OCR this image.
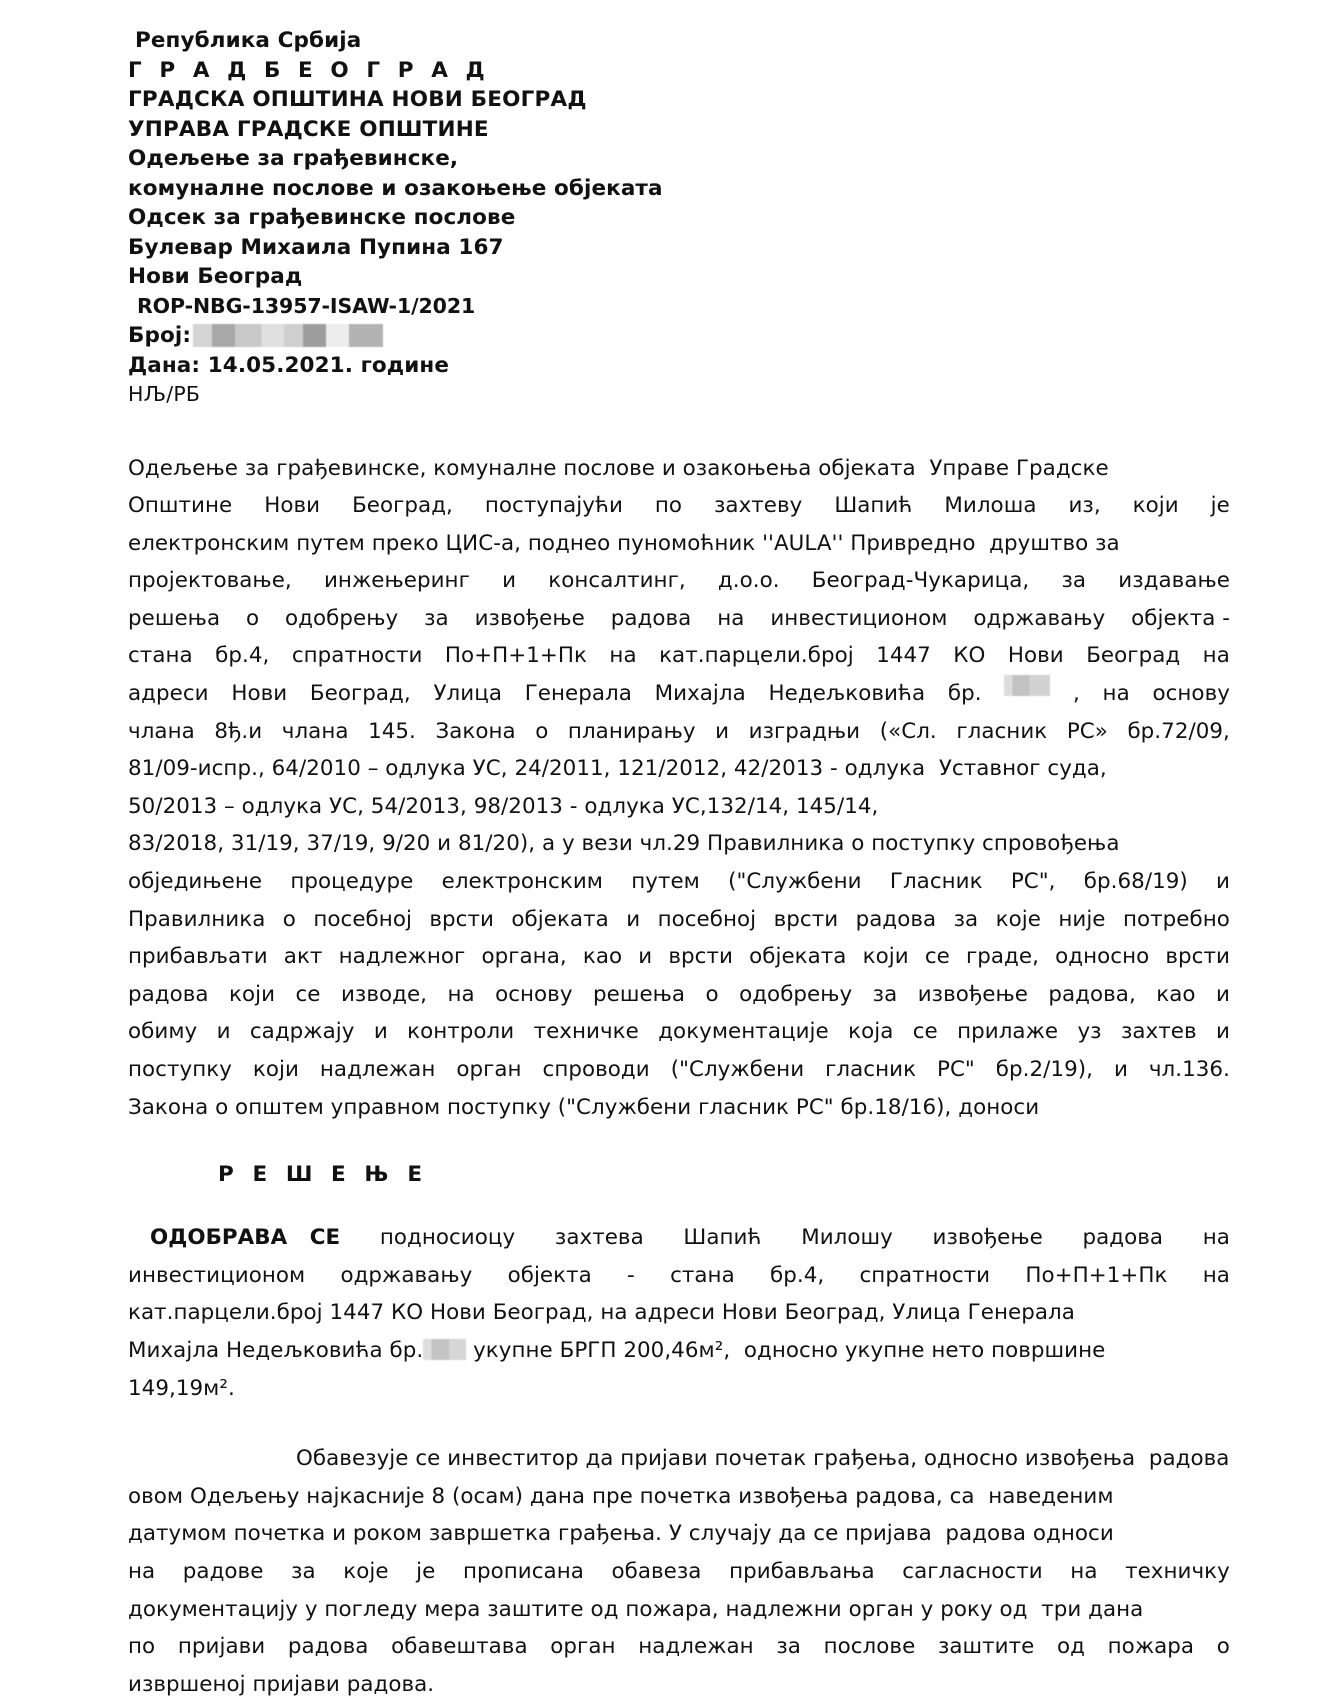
Република Србија
Г Р А Д Б Е О Г Р А Д
ГРАДСКА ОПШТИНА НОВИ БЕОГРАД
УПРАВА ГРАДСКЕ ОПШТИНЕ
Одељење за грађевинске,
комуналне послове и озакоњење објеката
Одсек за грађевинске послове
Булевар Михаила Пупина 167
Нови Београд
ROP-NBG-13957-ISAW-1/2021
Број:
Дана: 14.05.2021. године
НЉ/РБ
Одељење за грађевинске, комуналне послове и озакоњења објеката  Управе Градске
Општине Нови Београд, поступајући по захтеву Шапић Милоша из, који је
електронским путем преко ЦИС-а, поднео пуномоћник ''AULA'' Привредно  друштво за
пројектовање, инжењеринг и консалтинг, д.о.о. Београд-Чукарица, за издавање
решења о одобрењу за извођење радова на инвестиционом одржавању објекта -
стана бр.4, спратности По+П+1+Пк на кат.парцели.број 1447 КО Нови Београд на
адреси Нови Београд, Улица Генерала Михајла Недељковића бр.	, на основу
члана 8ђ.и члана 145. Закона о планирању и изградњи («Сл. гласник РС» бр.72/09,
81/09-испр., 64/2010 – одлука УС, 24/2011, 121/2012, 42/2013 - одлука  Уставног суда,
50/2013 – одлука УС, 54/2013, 98/2013 - одлука УС,132/14, 145/14,
83/2018, 31/19, 37/19, 9/20 и 81/20), а у вези чл.29 Правилника о поступку спровођења
обједињене процедуре електронским путем ("Службени Гласник РС", бр.68/19) и
Правилника о посебној врсти објеката и посебној врсти радова за које није потребно
прибављати акт надлежног органа, као и врсти објеката који се граде, односно врсти
радова који се изводе, на основу решења о одобрењу за извођење радова, као и
обиму и садржају и контроли техничке документације која се прилаже уз захтев и
поступку који надлежан орган спроводи ("Службени гласник РС" бр.2/19), и чл.136.
Закона о општем управном поступку ("Службени гласник РС" бр.18/16), доноси
Р Е Ш Е Њ Е
ОДОБРАВА   СЕ подносиоцу захтева Шапић Милошу извођење радова на
инвестиционом одржавању објекта - стана бр.4, спратности По+П+1+Пк на
кат.парцели.број 1447 КО Нови Београд, на адреси Нови Београд, Улица Генерала
Михајла Недељковића бр. укупне БРГП 200,46м²,  односно укупне нето површине
149,19м².
Обавезује се инвеститор да пријави почетак грађења, односно извођења  радова
овом Одељењу најкасније 8 (осам) дана пре почетка извођења радова, са  наведеним
датумом почетка и роком завршетка грађења. У случају да се пријава  радова односи
на радове за које је прописана обавеза прибављања сагласности на техничку
документацију у погледу мера заштите од пожара, надлежни орган у року од  три дана
по пријави радова обавештава орган надлежан за послове заштите од пожара о
извршеној пријави радова.
